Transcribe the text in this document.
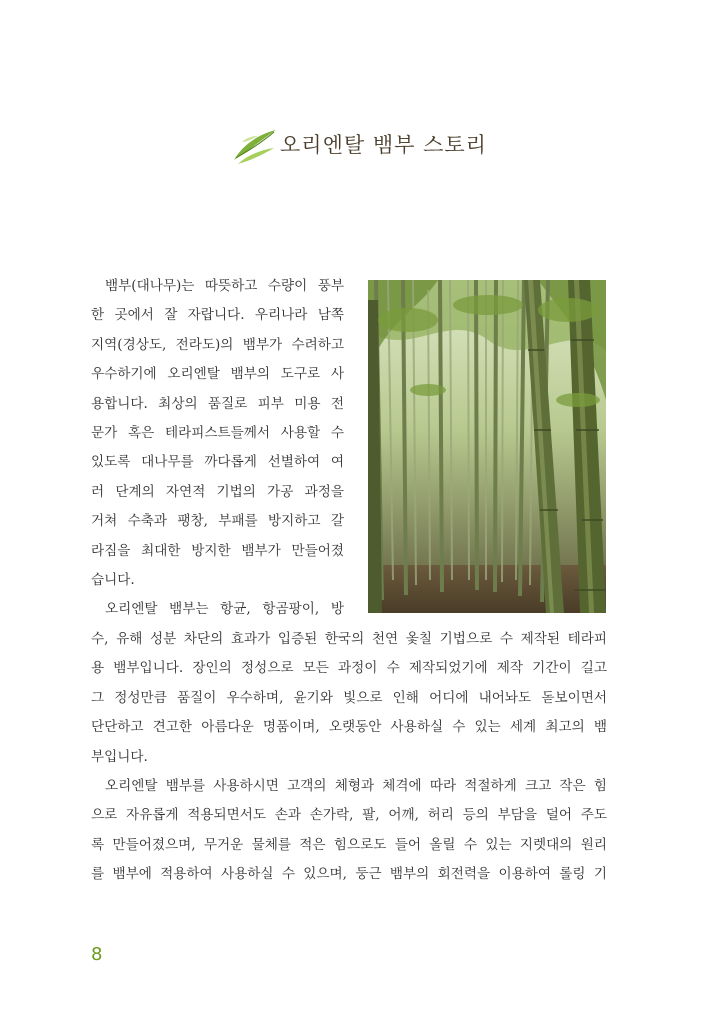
오리엔탈 뱀부 스토리
뱀부(대나무)는 따뜻하고 수량이 풍부
한 곳에서 잘 자랍니다. 우리나라 남쪽
지역(경상도, 전라도)의 뱀부가 수려하고
우수하기에 오리엔탈 뱀부의 도구로 사
용합니다. 최상의 품질로 피부 미용 전
문가 혹은 테라피스트들께서 사용할 수
있도록 대나무를 까다롭게 선별하여 여
러 단계의 자연적 기법의 가공 과정을
거쳐 수축과 팽창, 부패를 방지하고 갈
라짐을 최대한 방지한 뱀부가 만들어졌
습니다.
오리엔탈 뱀부는 항균, 항곰팡이, 방
수, 유해 성분 차단의 효과가 입증된 한국의 천연 옻칠 기법으로 수 제작된 테라피
용 뱀부입니다. 장인의 정성으로 모든 과정이 수 제작되었기에 제작 기간이 길고
그 정성만큼 품질이 우수하며, 윤기와 빛으로 인해 어디에 내어놔도 돋보이면서
단단하고 견고한 아름다운 명품이며, 오랫동안 사용하실 수 있는 세계 최고의 뱀
부입니다.
오리엔탈 뱀부를 사용하시면 고객의 체형과 체격에 따라 적절하게 크고 작은 힘
으로 자유롭게 적용되면서도 손과 손가락, 팔, 어깨, 허리 등의 부담을 덜어 주도
록 만들어졌으며, 무거운 물체를 적은 힘으로도 들어 올릴 수 있는 지렛대의 원리
를 뱀부에 적용하여 사용하실 수 있으며, 둥근 뱀부의 회전력을 이용하여 롤링 기
8
